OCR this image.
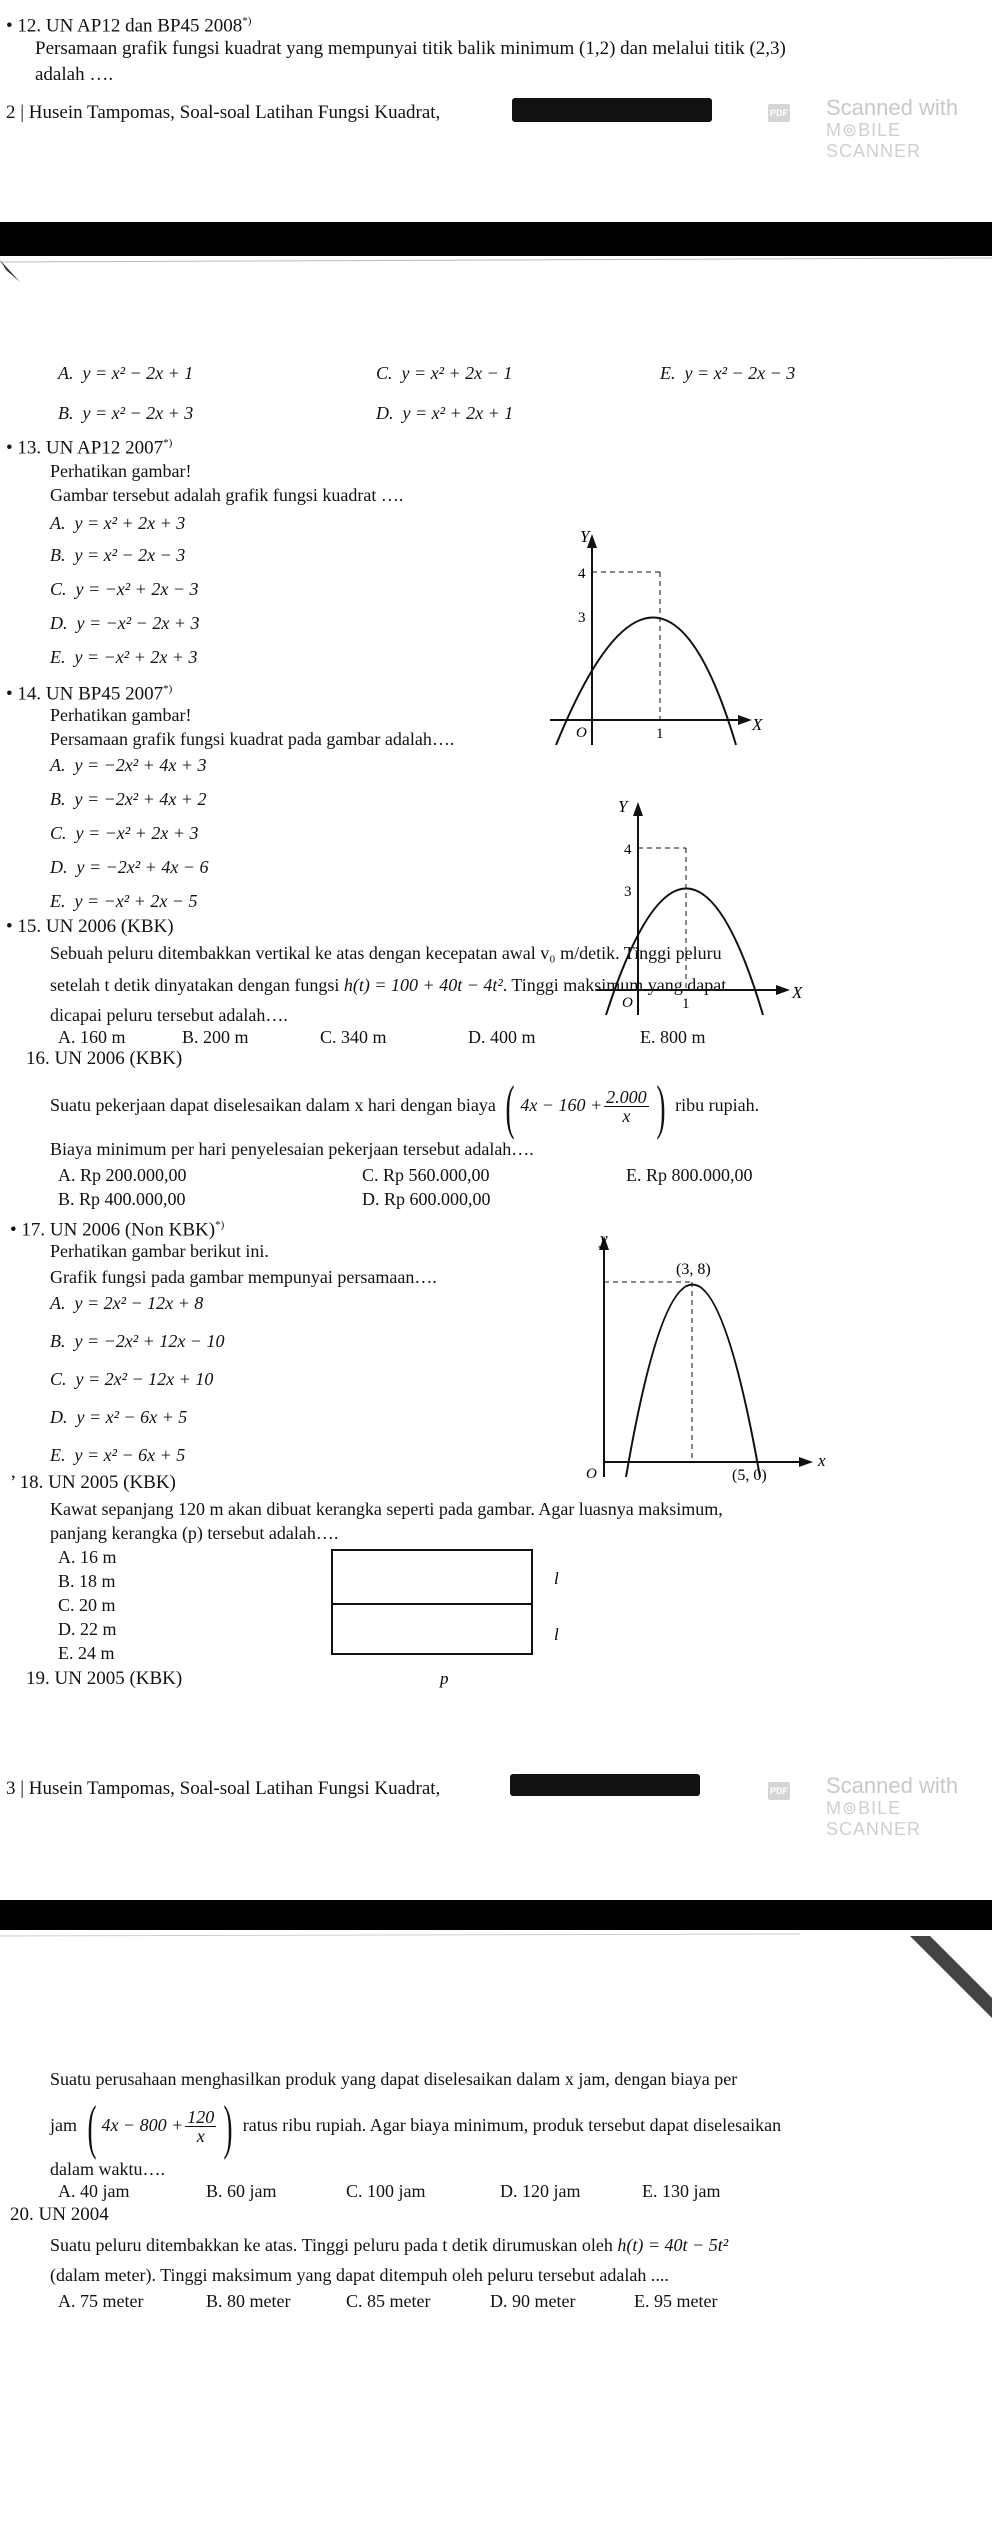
• 12. UN AP12 dan BP45 2008*)
Persamaan grafik fungsi kuadrat yang mempunyai titik balik minimum (1,2) dan melalui titik (2,3)
adalah ….
2 | Husein Tampomas, Soal-soal Latihan Fungsi Kuadrat,	PDF Scanned with
M⊚BILE SCANNER
A.  y = x² − 2x + 1	C.  y = x² + 2x − 1	E.  y = x² − 2x − 3
B.  y = x² − 2x + 3	D.  y = x² + 2x + 1
• 13. UN AP12 2007*)
Perhatikan gambar!
Gambar tersebut adalah grafik fungsi kuadrat ….
A.  y = x² + 2x + 3
B.  y = x² − 2x − 3
C.  y = −x² + 2x − 3
D.  y = −x² − 2x + 3
E.  y = −x² + 2x + 3
Y
X
4
3
O	1
• 14. UN BP45 2007*)
Perhatikan gambar!
Persamaan grafik fungsi kuadrat pada gambar adalah….
A.  y = −2x² + 4x + 3
B.  y = −2x² + 4x + 2
C.  y = −x² + 2x + 3
D.  y = −2x² + 4x − 6
E.  y = −x² + 2x − 5
Y
X
4
3
O	1
• 15. UN 2006 (KBK)
Sebuah peluru ditembakkan vertikal ke atas dengan kecepatan awal v₀ m/detik. Tinggi peluru
setelah t detik dinyatakan dengan fungsi h(t) = 100 + 40t − 4t². Tinggi maksimum yang dapat
dicapai peluru tersebut adalah….
A. 160 m	B. 200 m	C. 340 m	D. 400 m	E. 800 m
16. UN 2006 (KBK)
Suatu pekerjaan dapat diselesaikan dalam x hari dengan biaya ( $4x - 160 + \frac{2.000}{x}$ ) ribu rupiah.
Biaya minimum per hari penyelesaian pekerjaan tersebut adalah….
A. Rp 200.000,00	C. Rp 560.000,00	E. Rp 800.000,00
B. Rp 400.000,00	D. Rp 600.000,00
• 17. UN 2006 (Non KBK)*)
Perhatikan gambar berikut ini.
Grafik fungsi pada gambar mempunyai persamaan….
A.  y = 2x² − 12x + 8
B.  y = −2x² + 12x − 10
C.  y = 2x² − 12x + 10
D.  y = x² − 6x + 5
E.  y = x² − 6x + 5
y
x
(3, 8)
(5, 0)
O
’ 18. UN 2005 (KBK)
Kawat sepanjang 120 m akan dibuat kerangka seperti pada gambar. Agar luasnya maksimum,
panjang kerangka (p) tersebut adalah….
A. 16 m
B. 18 m
C. 20 m
D. 22 m
E. 24 m
l
l
p
19. UN 2005 (KBK)
3 | Husein Tampomas, Soal-soal Latihan Fungsi Kuadrat,	PDF Scanned with
M⊚BILE SCANNER
Suatu perusahaan menghasilkan produk yang dapat diselesaikan dalam x jam, dengan biaya per
jam ( $4x - 800 + \frac{120}{x}$ ) ratus ribu rupiah. Agar biaya minimum, produk tersebut dapat diselesaikan
dalam waktu….
A. 40 jam	B. 60 jam	C. 100 jam	D. 120 jam	E. 130 jam
20. UN 2004
Suatu peluru ditembakkan ke atas. Tinggi peluru pada t detik dirumuskan oleh h(t) = 40t − 5t²
(dalam meter). Tinggi maksimum yang dapat ditempuh oleh peluru tersebut adalah ....
A. 75 meter	B. 80 meter	C. 85 meter	D. 90 meter	E. 95 meter
